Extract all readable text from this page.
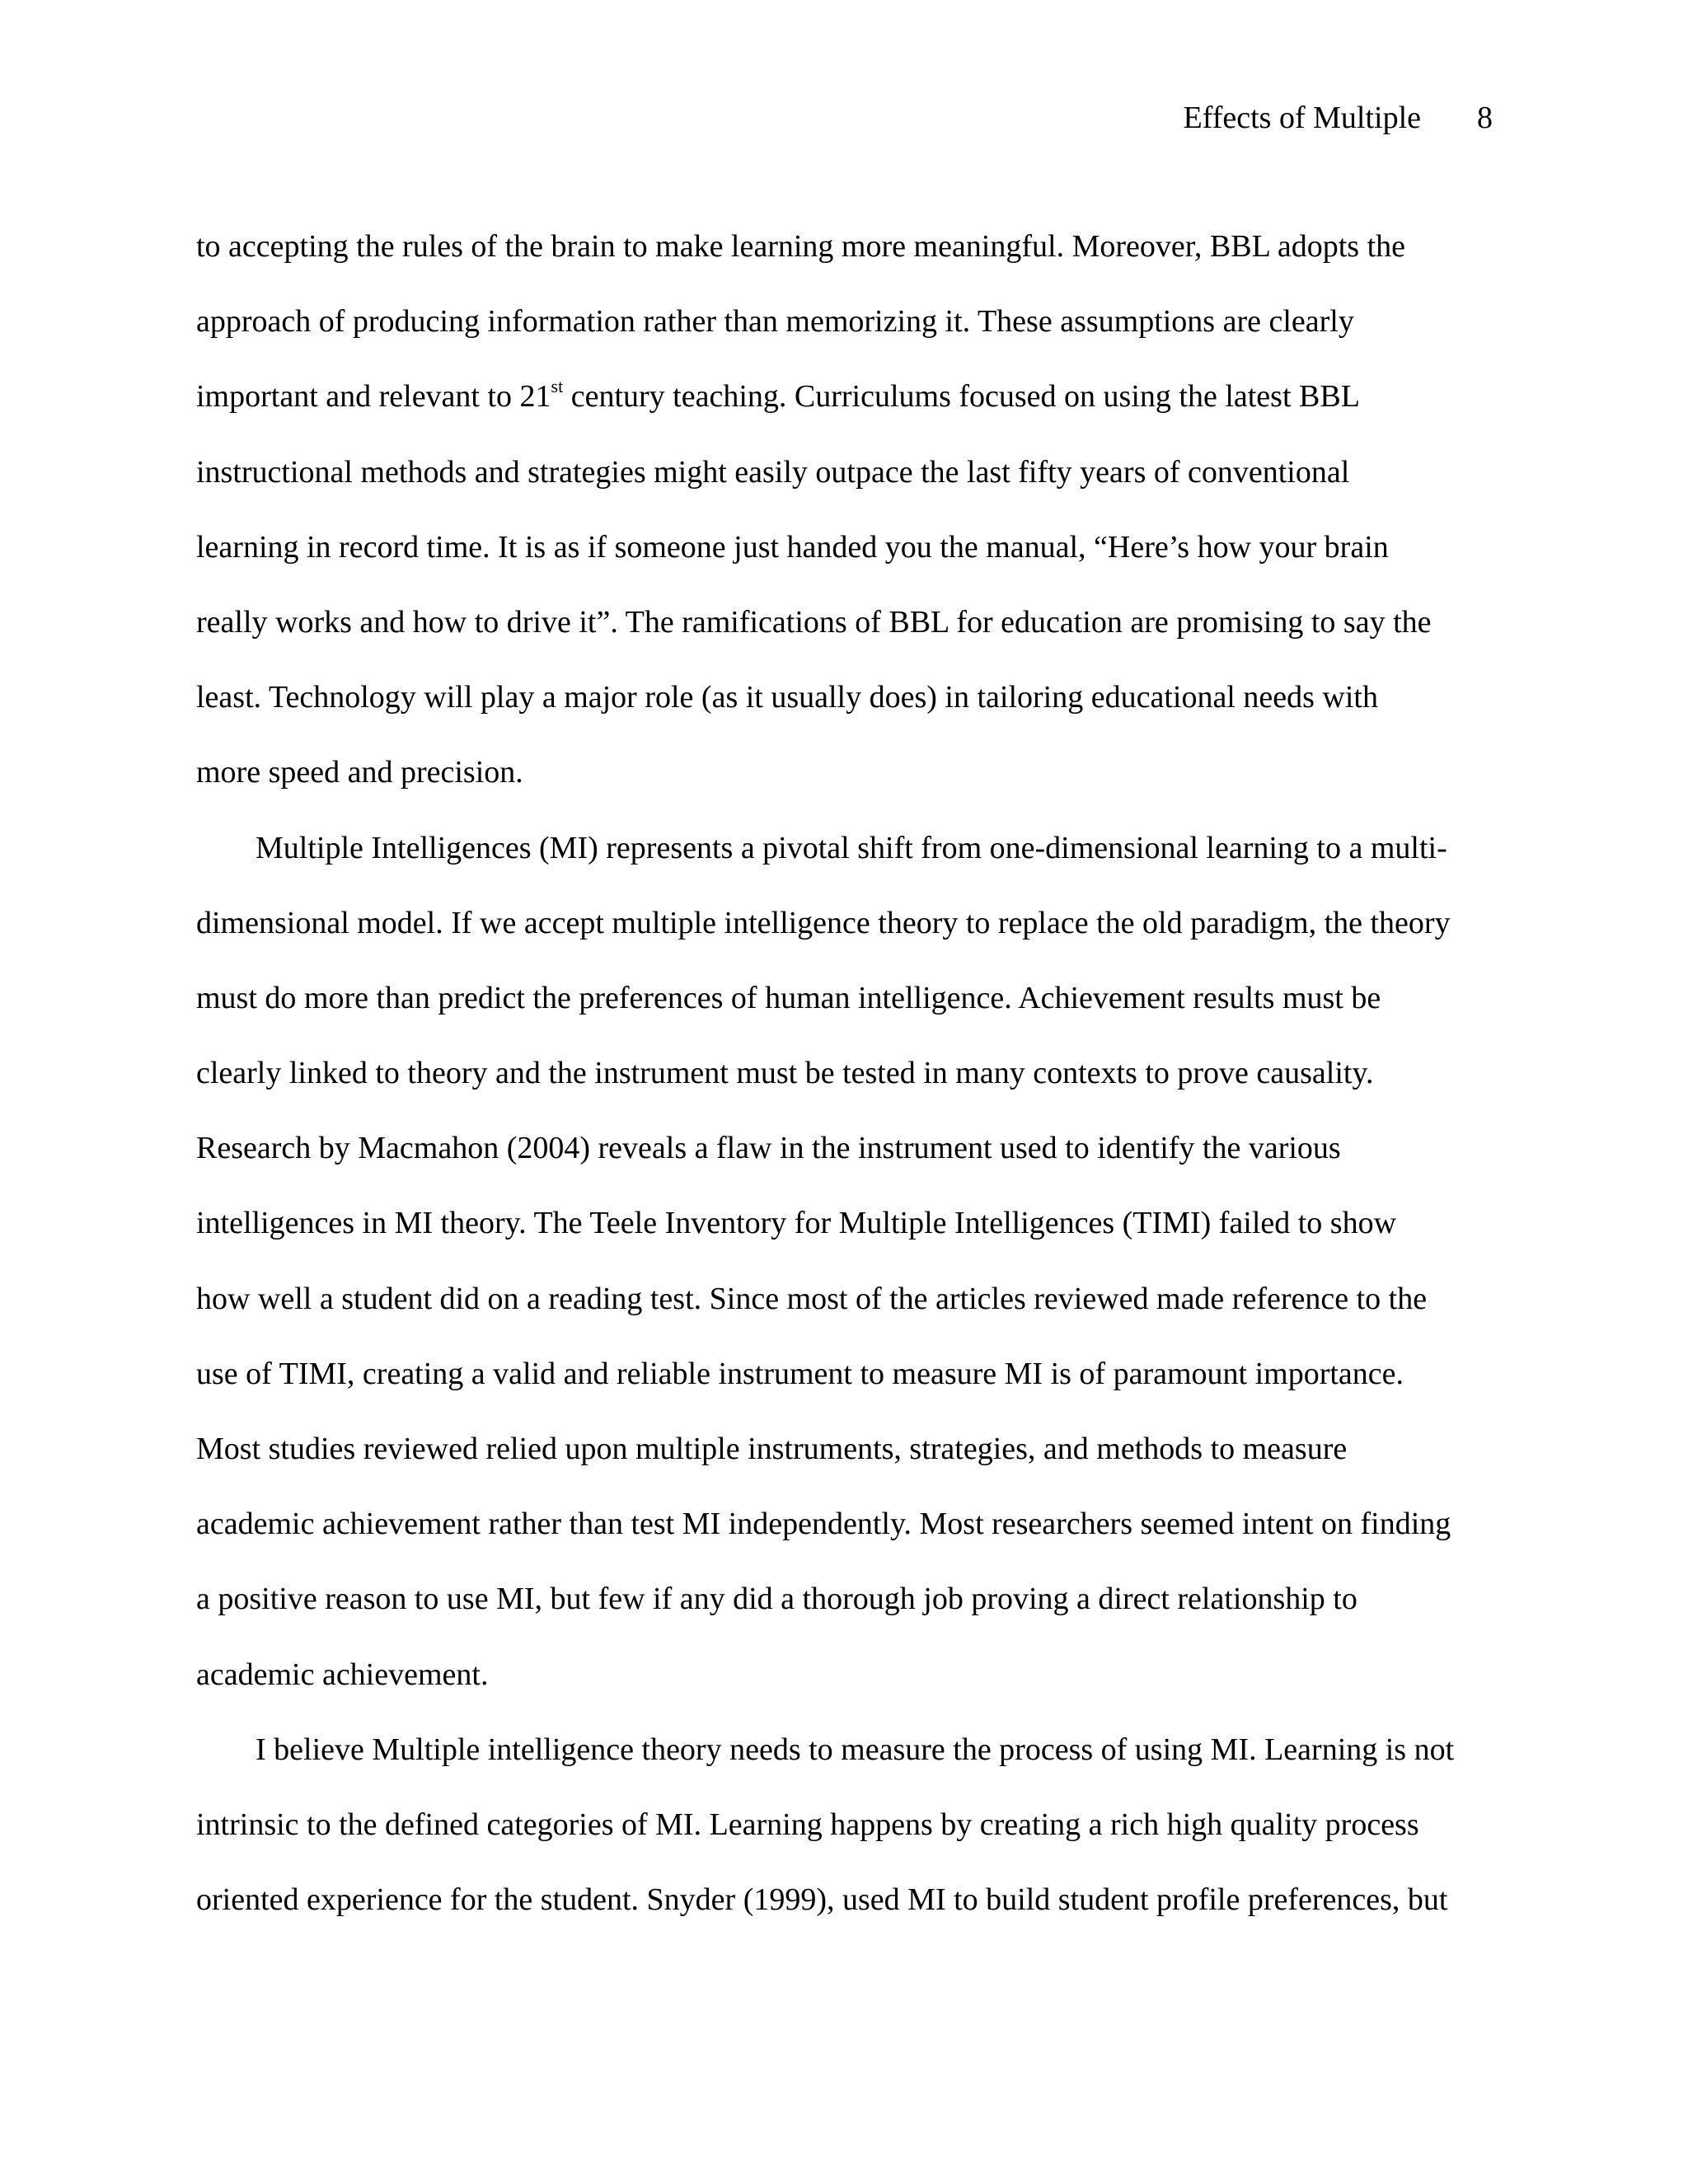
Effects of Multiple 8
to accepting the rules of the brain to make learning more meaningful. Moreover, BBL adopts the
approach of producing information rather than memorizing it. These assumptions are clearly
important and relevant to 21st century teaching. Curriculums focused on using the latest BBL
instructional methods and strategies might easily outpace the last fifty years of conventional
learning in record time. It is as if someone just handed you the manual, “Here’s how your brain
really works and how to drive it”. The ramifications of BBL for education are promising to say the
least. Technology will play a major role (as it usually does) in tailoring educational needs with
more speed and precision.
Multiple Intelligences (MI) represents a pivotal shift from one-dimensional learning to a multi-
dimensional model. If we accept multiple intelligence theory to replace the old paradigm, the theory
must do more than predict the preferences of human intelligence. Achievement results must be
clearly linked to theory and the instrument must be tested in many contexts to prove causality.
Research by Macmahon (2004) reveals a flaw in the instrument used to identify the various
intelligences in MI theory. The Teele Inventory for Multiple Intelligences (TIMI) failed to show
how well a student did on a reading test. Since most of the articles reviewed made reference to the
use of TIMI, creating a valid and reliable instrument to measure MI is of paramount importance.
Most studies reviewed relied upon multiple instruments, strategies, and methods to measure
academic achievement rather than test MI independently. Most researchers seemed intent on finding
a positive reason to use MI, but few if any did a thorough job proving a direct relationship to
academic achievement.
I believe Multiple intelligence theory needs to measure the process of using MI. Learning is not
intrinsic to the defined categories of MI. Learning happens by creating a rich high quality process
oriented experience for the student. Snyder (1999), used MI to build student profile preferences, but
